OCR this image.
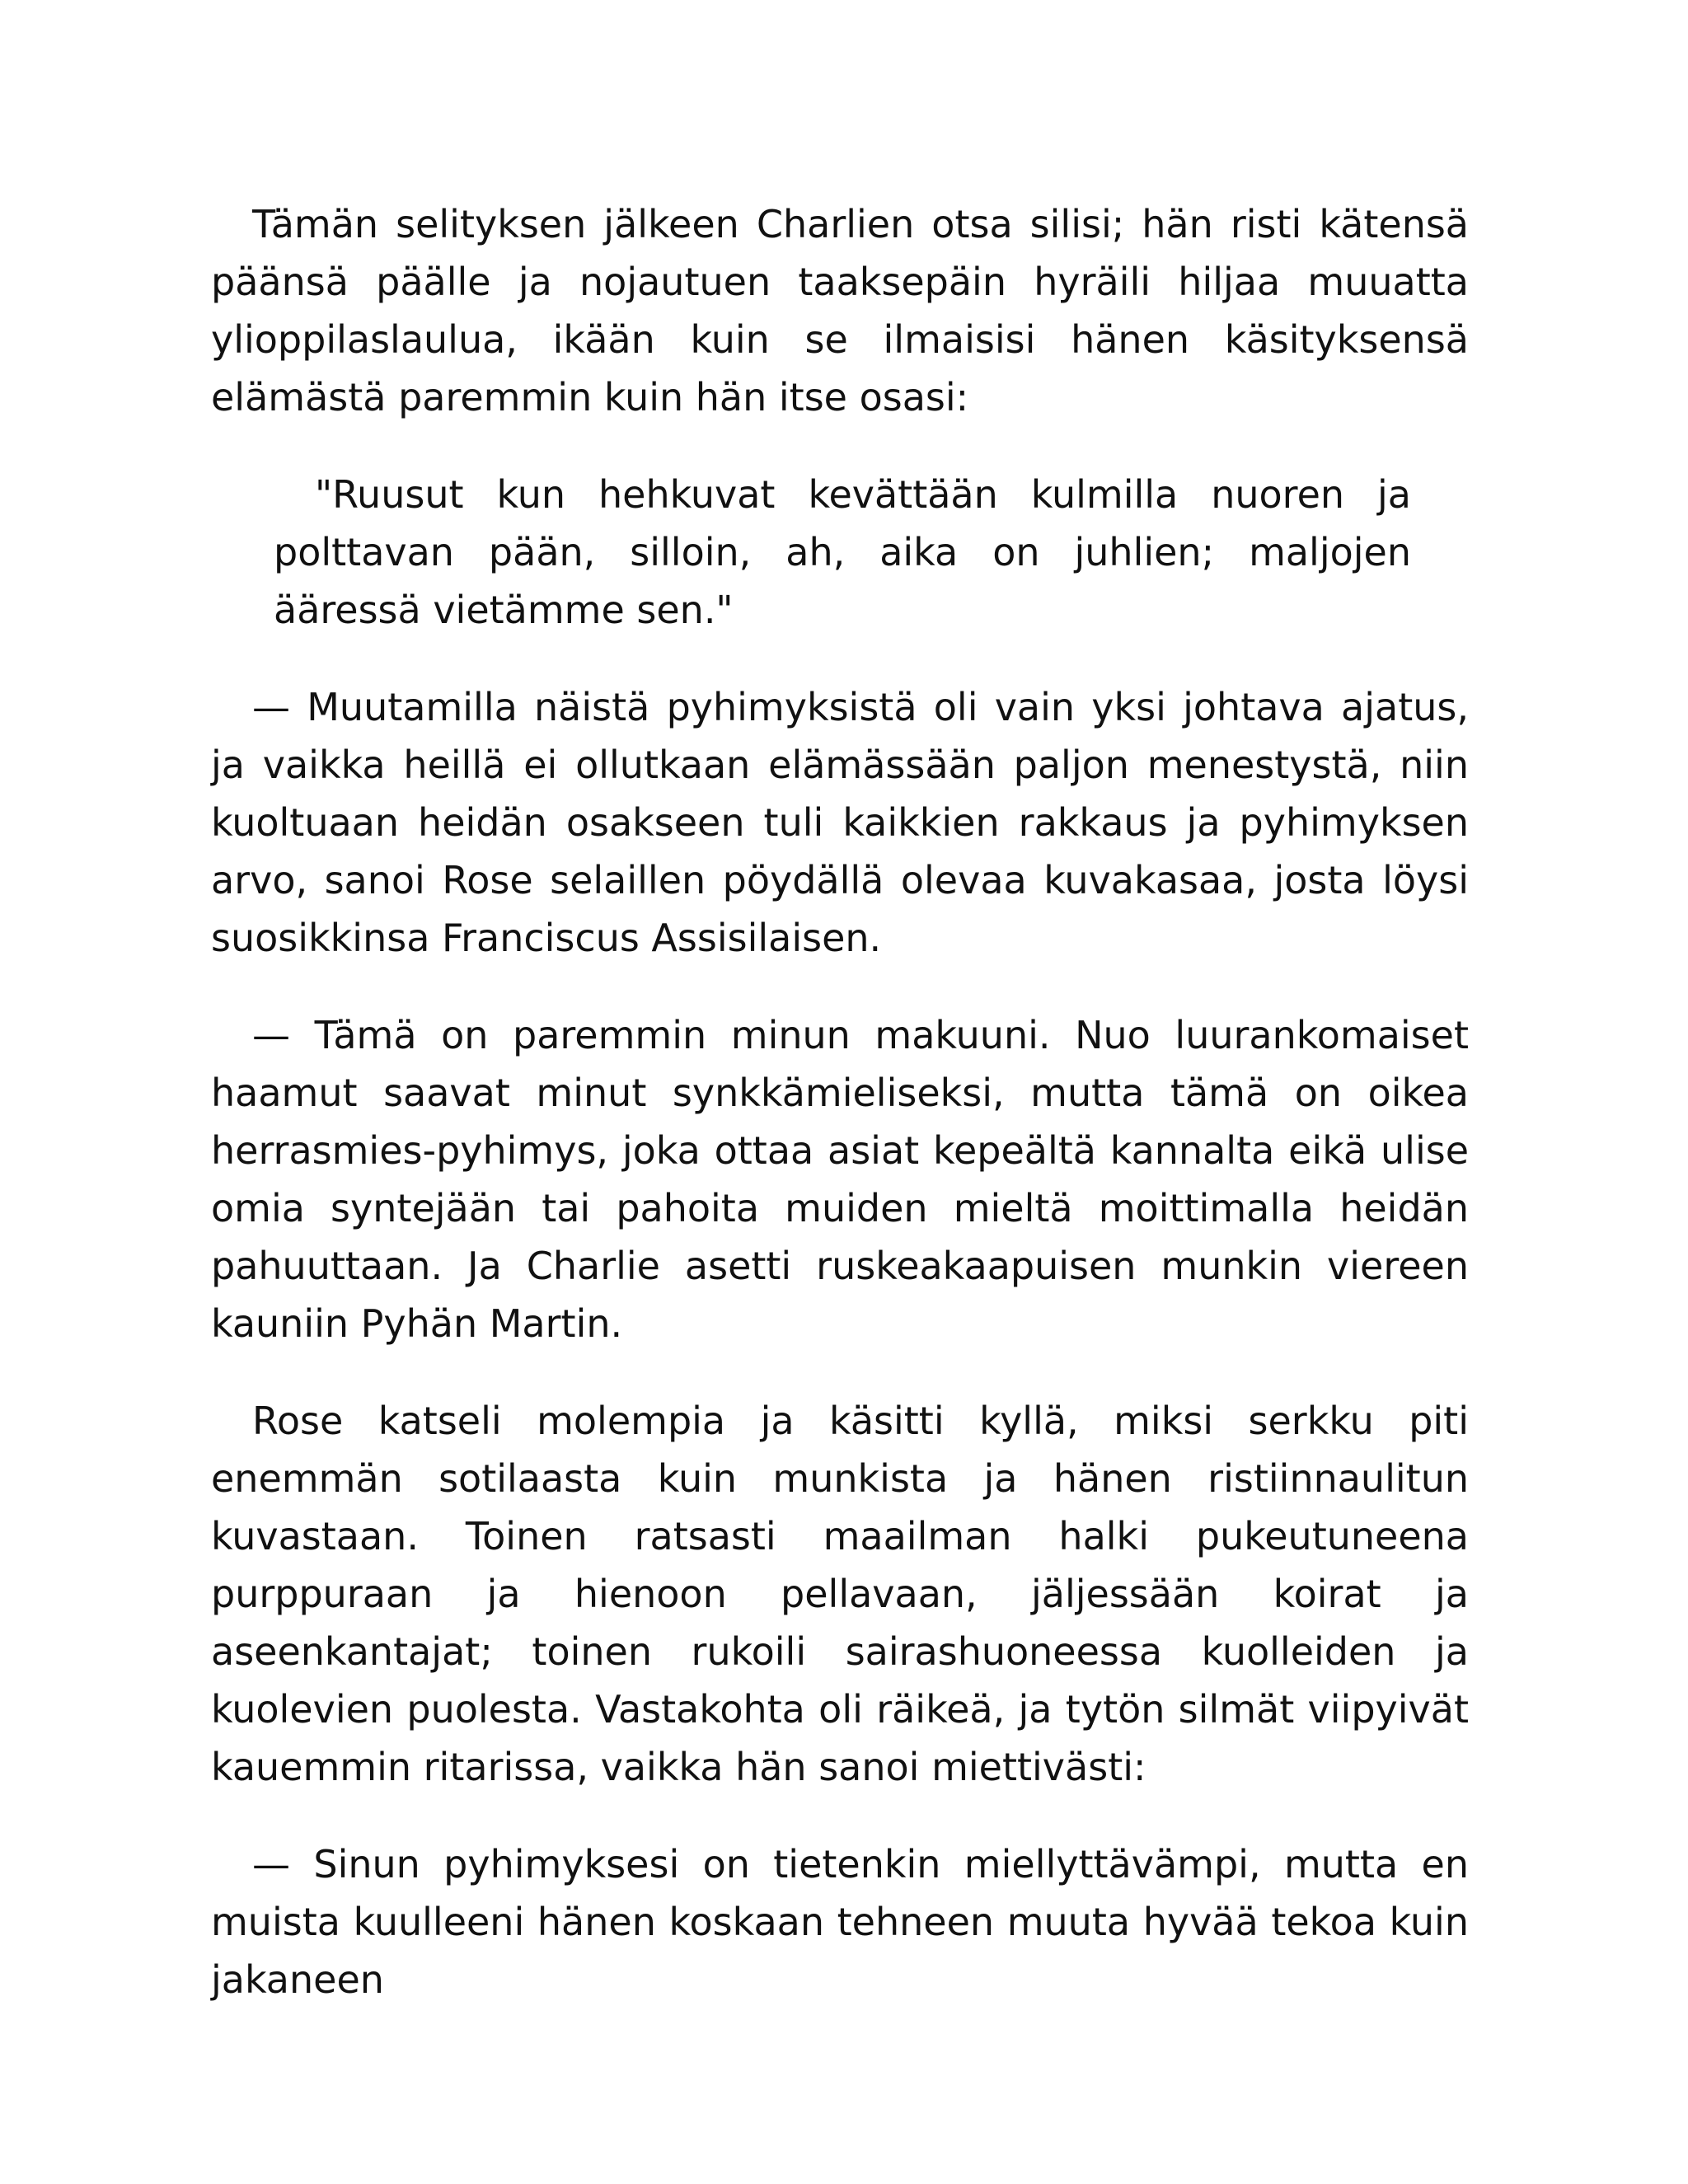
Tämän selityksen jälkeen Charlien otsa silisi; hän risti kätensä päänsä päälle ja nojautuen taaksepäin hyräili hiljaa muuatta ylioppilaslaulua, ikään kuin se ilmaisisi hänen käsityksensä elämästä paremmin kuin hän itse osasi:

"Ruusut kun hehkuvat kevättään kulmilla nuoren ja polttavan pään, silloin, ah, aika on juhlien; maljojen ääressä vietämme sen."

— Muutamilla näistä pyhimyksistä oli vain yksi johtava ajatus, ja vaikka heillä ei ollutkaan elämässään paljon menestystä, niin kuoltuaan heidän osakseen tuli kaikkien rakkaus ja pyhimyksen arvo, sanoi Rose selaillen pöydällä olevaa kuvakasaa, josta löysi suosikkinsa Franciscus Assisilaisen.

— Tämä on paremmin minun makuuni. Nuo luurankomaiset haamut saavat minut synkkämieliseksi, mutta tämä on oikea herrasmies-pyhimys, joka ottaa asiat kepeältä kannalta eikä ulise omia syntejään tai pahoita muiden mieltä moittimalla heidän pahuuttaan. Ja Charlie asetti ruskeakaapuisen munkin viereen kauniin Pyhän Martin.

Rose katseli molempia ja käsitti kyllä, miksi serkku piti enemmän sotilaasta kuin munkista ja hänen ristiinnaulitun kuvastaan. Toinen ratsasti maailman halki pukeutuneena purppuraan ja hienoon pellavaan, jäljessään koirat ja aseenkantajat; toinen rukoili sairashuoneessa kuolleiden ja kuolevien puolesta. Vastakohta oli räikeä, ja tytön silmät viipyivät kauemmin ritarissa, vaikka hän sanoi miettivästi:

— Sinun pyhimyksesi on tietenkin miellyttävämpi, mutta en muista kuulleeni hänen koskaan tehneen muuta hyvää tekoa kuin jakaneen
